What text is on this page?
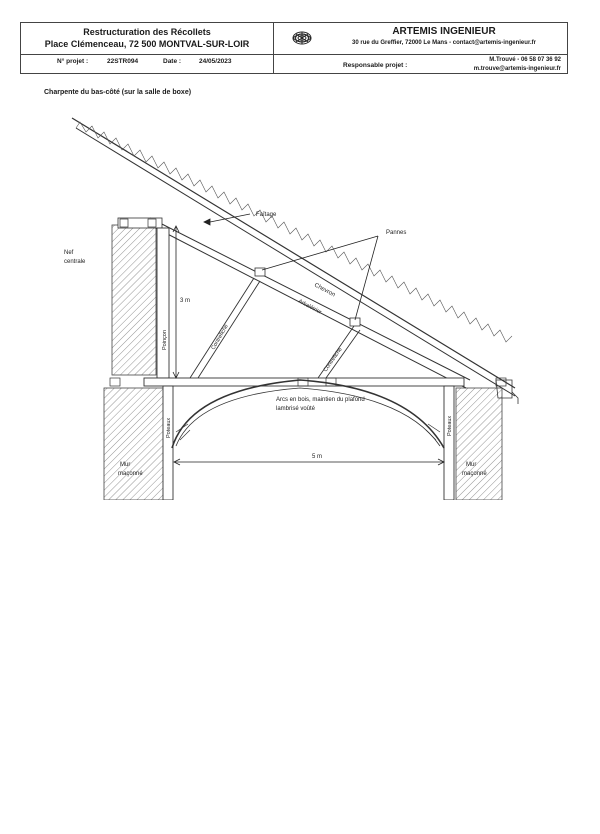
Restructuration des Récollets
Place Clémenceau, 72 500 MONTVAL-SUR-LOIR
N° projet :	22STR094	Date :	24/05/2023
ARTEMIS INGENIEUR
30 rue du Greffier, 72000 Le Mans - contact@artemis-ingenieur.fr
Responsable projet :
M.Trouvé - 06 58 07 36 92
m.trouve@artemis-ingenieur.fr
Charpente du bas-côté (sur la salle de boxe)
Faîtage
Pannes
Nef
centrale
3 m
Poinçon	Contrefiche
Chevron
Arbalétrier
Contrefiche
Arcs en bois, maintien du plafond
lambrisé voûté
Poteaux	Poteaux
Mur
maçonné
Mur
maçonné
5 m
